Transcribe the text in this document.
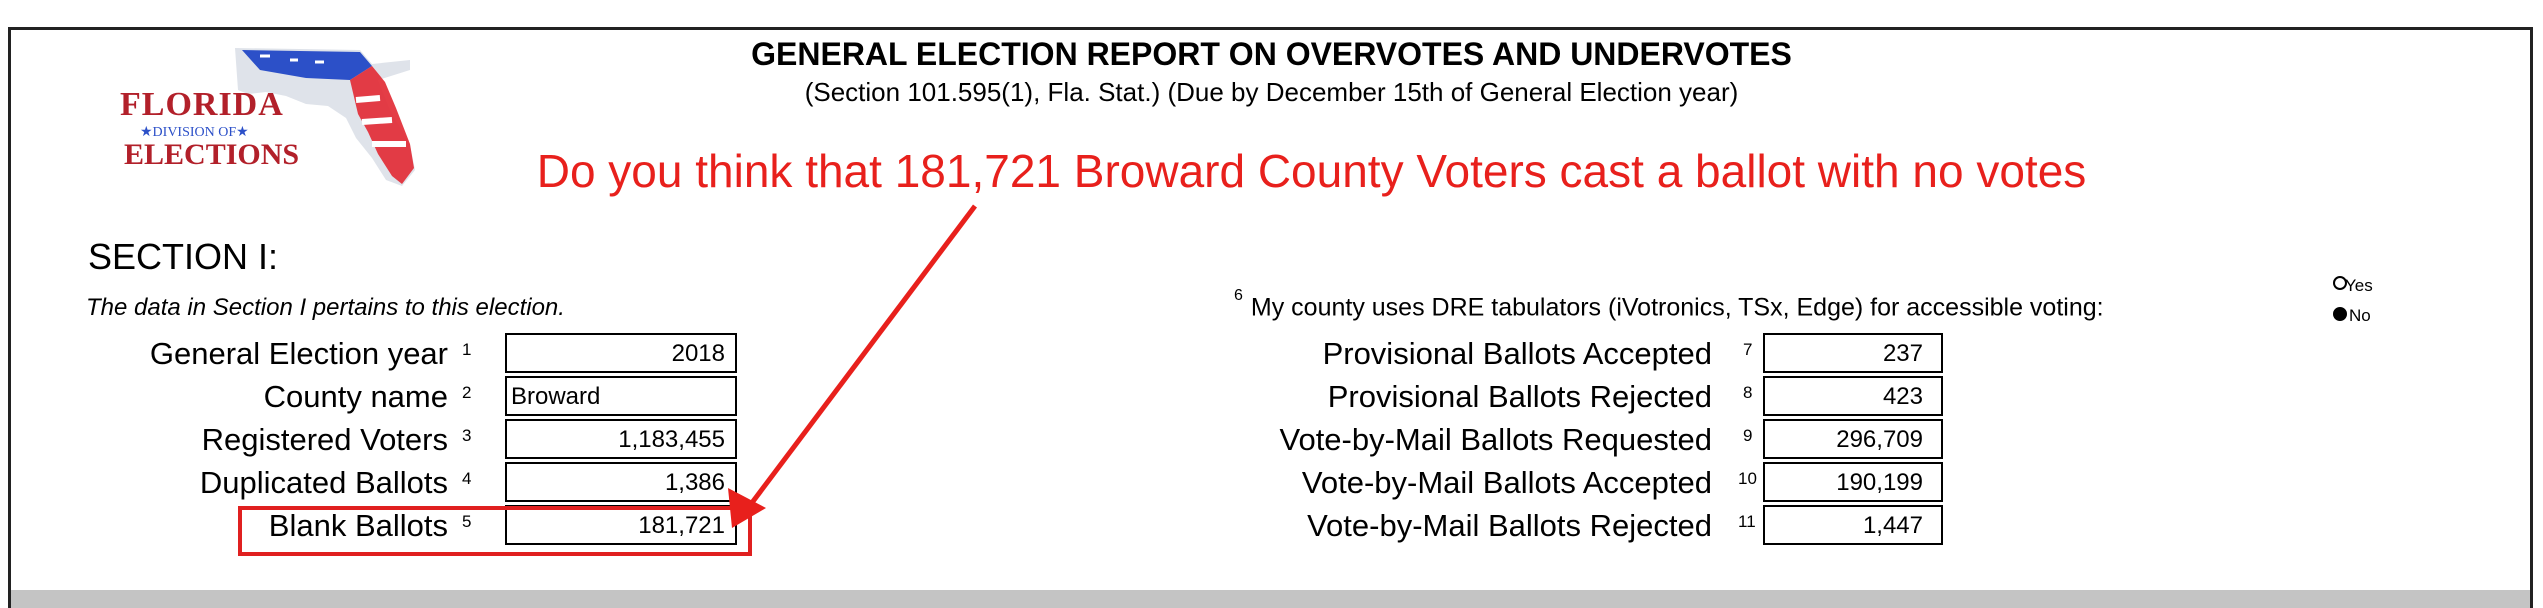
FLORIDA
★DIVISION OF★
ELECTIONS
GENERAL ELECTION REPORT ON OVERVOTES AND UNDERVOTES
(Section 101.595(1), Fla. Stat.) (Due by December 15th of General Election year)
Do you think that 181,721 Broward County Voters cast a ballot with no votes
SECTION I:
The data in Section I pertains to this election.
General Election year 1	2018
County name 2 Broward
Registered Voters 3	1,183,455
Duplicated Ballots 4	1,386
Blank Ballots 5	181,721
$^6$ My county uses DRE tabulators (iVotronics, TSx, Edge) for accessible voting:
Yes
No
Provisional Ballots Accepted 7	237
Provisional Ballots Rejected 8	423
Vote-by-Mail Ballots Requested 9	296,709
Vote-by-Mail Ballots Accepted 10	190,199
Vote-by-Mail Ballots Rejected 11	1,447
